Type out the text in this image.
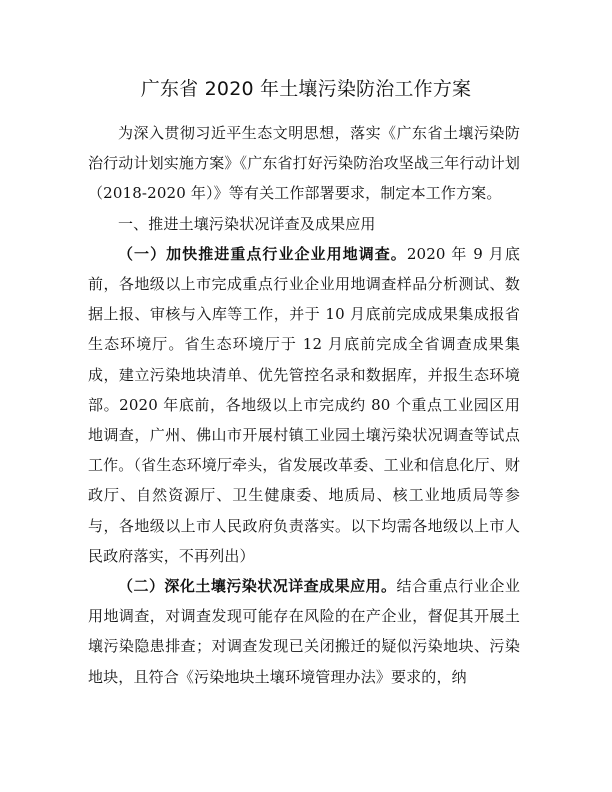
广东省 2020 年土壤污染防治工作方案

为深入贯彻习近平生态文明思想，落实《广东省土壤污染防治行动计划实施方案》《广东省打好污染防治攻坚战三年行动计划（2018-2020 年）》等有关工作部署要求，制定本工作方案。

一、推进土壤污染状况详查及成果应用

（一）加快推进重点行业企业用地调查。2020 年 9 月底前，各地级以上市完成重点行业企业用地调查样品分析测试、数据上报、审核与入库等工作，并于 10 月底前完成成果集成报省生态环境厅。省生态环境厅于 12 月底前完成全省调查成果集成，建立污染地块清单、优先管控名录和数据库，并报生态环境部。2020 年底前，各地级以上市完成约 80 个重点工业园区用地调查，广州、佛山市开展村镇工业园土壤污染状况调查等试点工作。（省生态环境厅牵头，省发展改革委、工业和信息化厅、财政厅、自然资源厅、卫生健康委、地质局、核工业地质局等参与，各地级以上市人民政府负责落实。以下均需各地级以上市人民政府落实，不再列出）

（二）深化土壤污染状况详查成果应用。结合重点行业企业用地调查，对调查发现可能存在风险的在产企业，督促其开展土壤污染隐患排查；对调查发现已关闭搬迁的疑似污染地块、污染地块，且符合《污染地块土壤环境管理办法》要求的，纳
